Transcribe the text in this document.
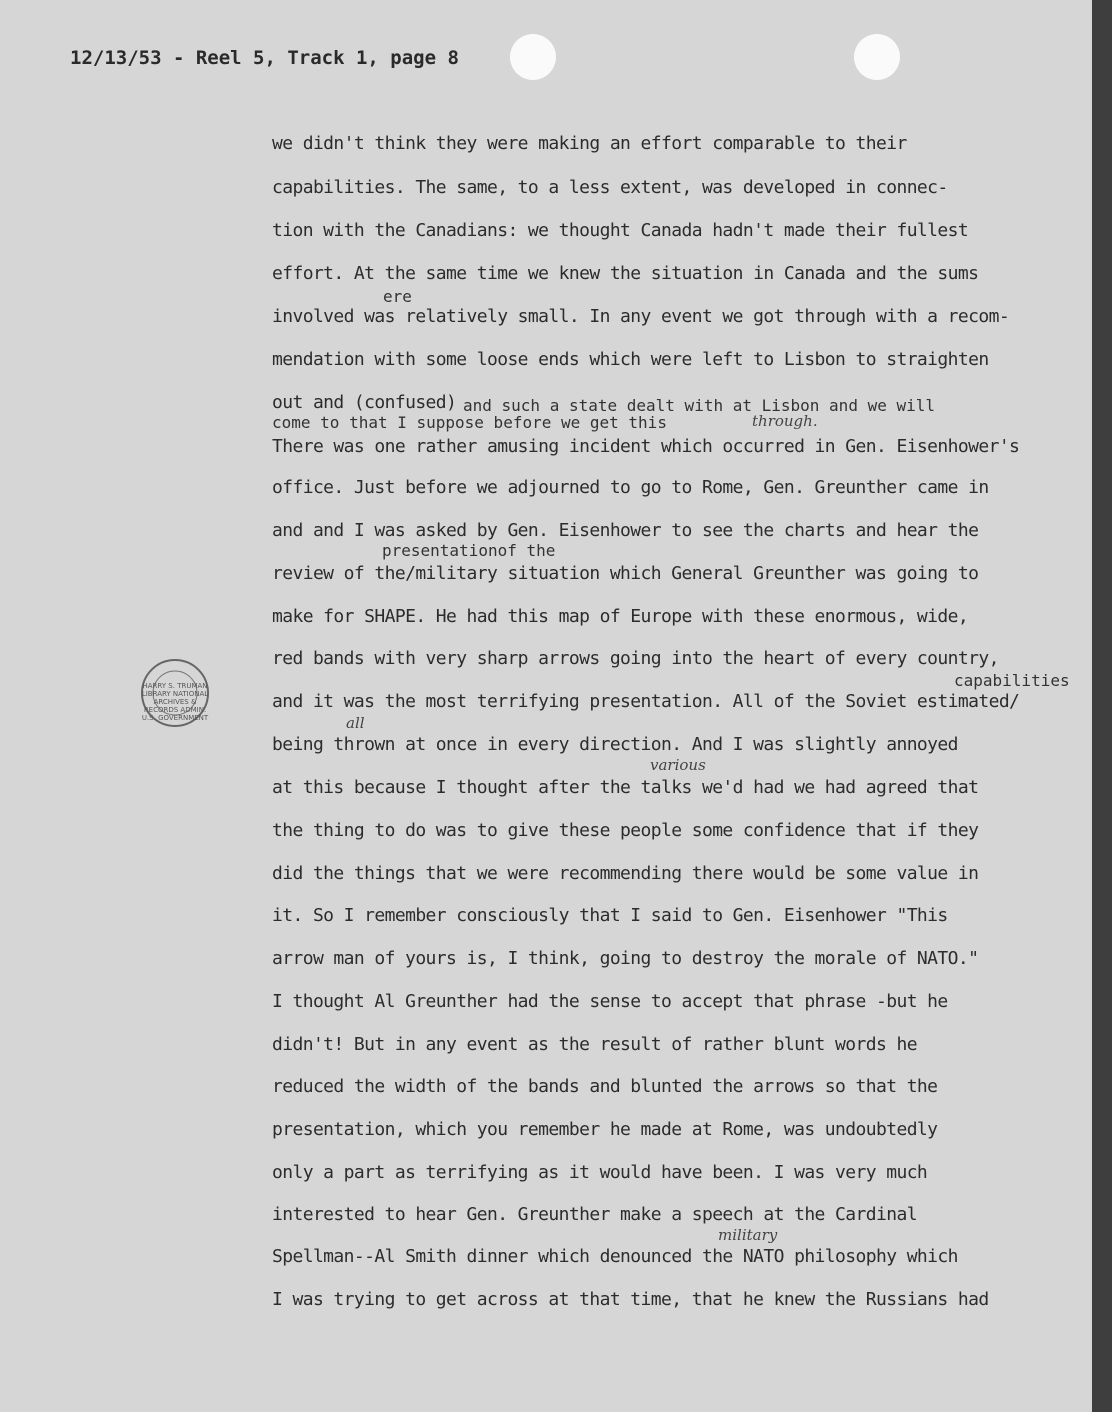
12/13/53 - Reel 5, Track 1, page 8
we didn't think they were making an effort comparable to their
capabilities. The same, to a less extent, was developed in connec-
tion with the Canadians: we thought Canada hadn't made their fullest
effort. At the same time we knew the situation in Canada and the sums
ere
involved was relatively small. In any event we got through with a recom-
mendation with some loose ends which were left to Lisbon to straighten
out and (confused) and such a state dealt with at Lisbon and we will
come to that I suppose before we get this	through.
There was one rather amusing incident which occurred in Gen. Eisenhower's
office. Just before we adjourned to go to Rome, Gen. Greunther came in
and and I was asked by Gen. Eisenhower to see the charts and hear the
presentationof the
review of the/military situation which General Greunther was going to
make for SHAPE. He had this map of Europe with these enormous, wide,
red bands with very sharp arrows going into the heart of every country,
capabilities
and it was the most terrifying presentation. All of the Soviet estimated/
all
being thrown at once in every direction. And I was slightly annoyed
various
at this because I thought after the talks we'd had we had agreed that
the thing to do was to give these people some confidence that if they
did the things that we were recommending there would be some value in
it. So I remember consciously that I said to Gen. Eisenhower "This
arrow man of yours is, I think, going to destroy the morale of NATO."
I thought Al Greunther had the sense to accept that phrase -but he
didn't! But in any event as the result of rather blunt words he
reduced the width of the bands and blunted the arrows so that the
presentation, which you remember he made at Rome, was undoubtedly
only a part as terrifying as it would have been. I was very much
interested to hear Gen. Greunther make a speech at the Cardinal
military
Spellman--Al Smith dinner which denounced the NATO philosophy which
I was trying to get across at that time, that he knew the Russians had
HARRY S. TRUMAN LIBRARY NATIONAL ARCHIVES & RECORDS ADMIN. U.S. GOVERNMENT
